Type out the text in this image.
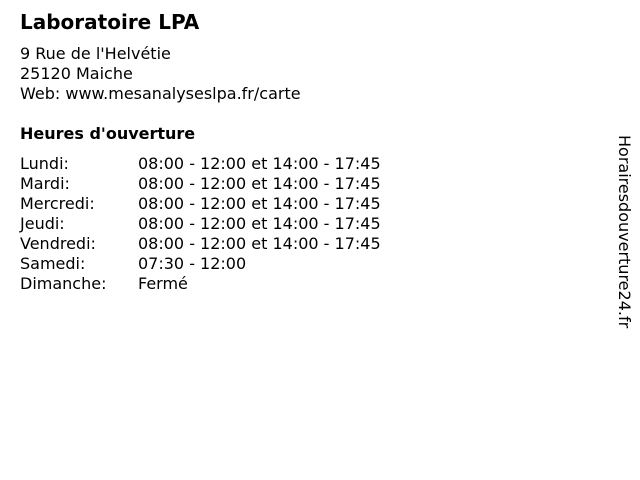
Laboratoire LPA
9 Rue de l'Helvétie
25120 Maiche
Web: www.mesanalyseslpa.fr/carte
Heures d'ouverture
Lundi:	08:00 - 12:00 et 14:00 - 17:45
Mardi:	08:00 - 12:00 et 14:00 - 17:45
Mercredi:	08:00 - 12:00 et 14:00 - 17:45
Jeudi:	08:00 - 12:00 et 14:00 - 17:45
Vendredi:	08:00 - 12:00 et 14:00 - 17:45
Samedi:	07:30 - 12:00
Dimanche:	Fermé	Horairesdouverture24.fr
